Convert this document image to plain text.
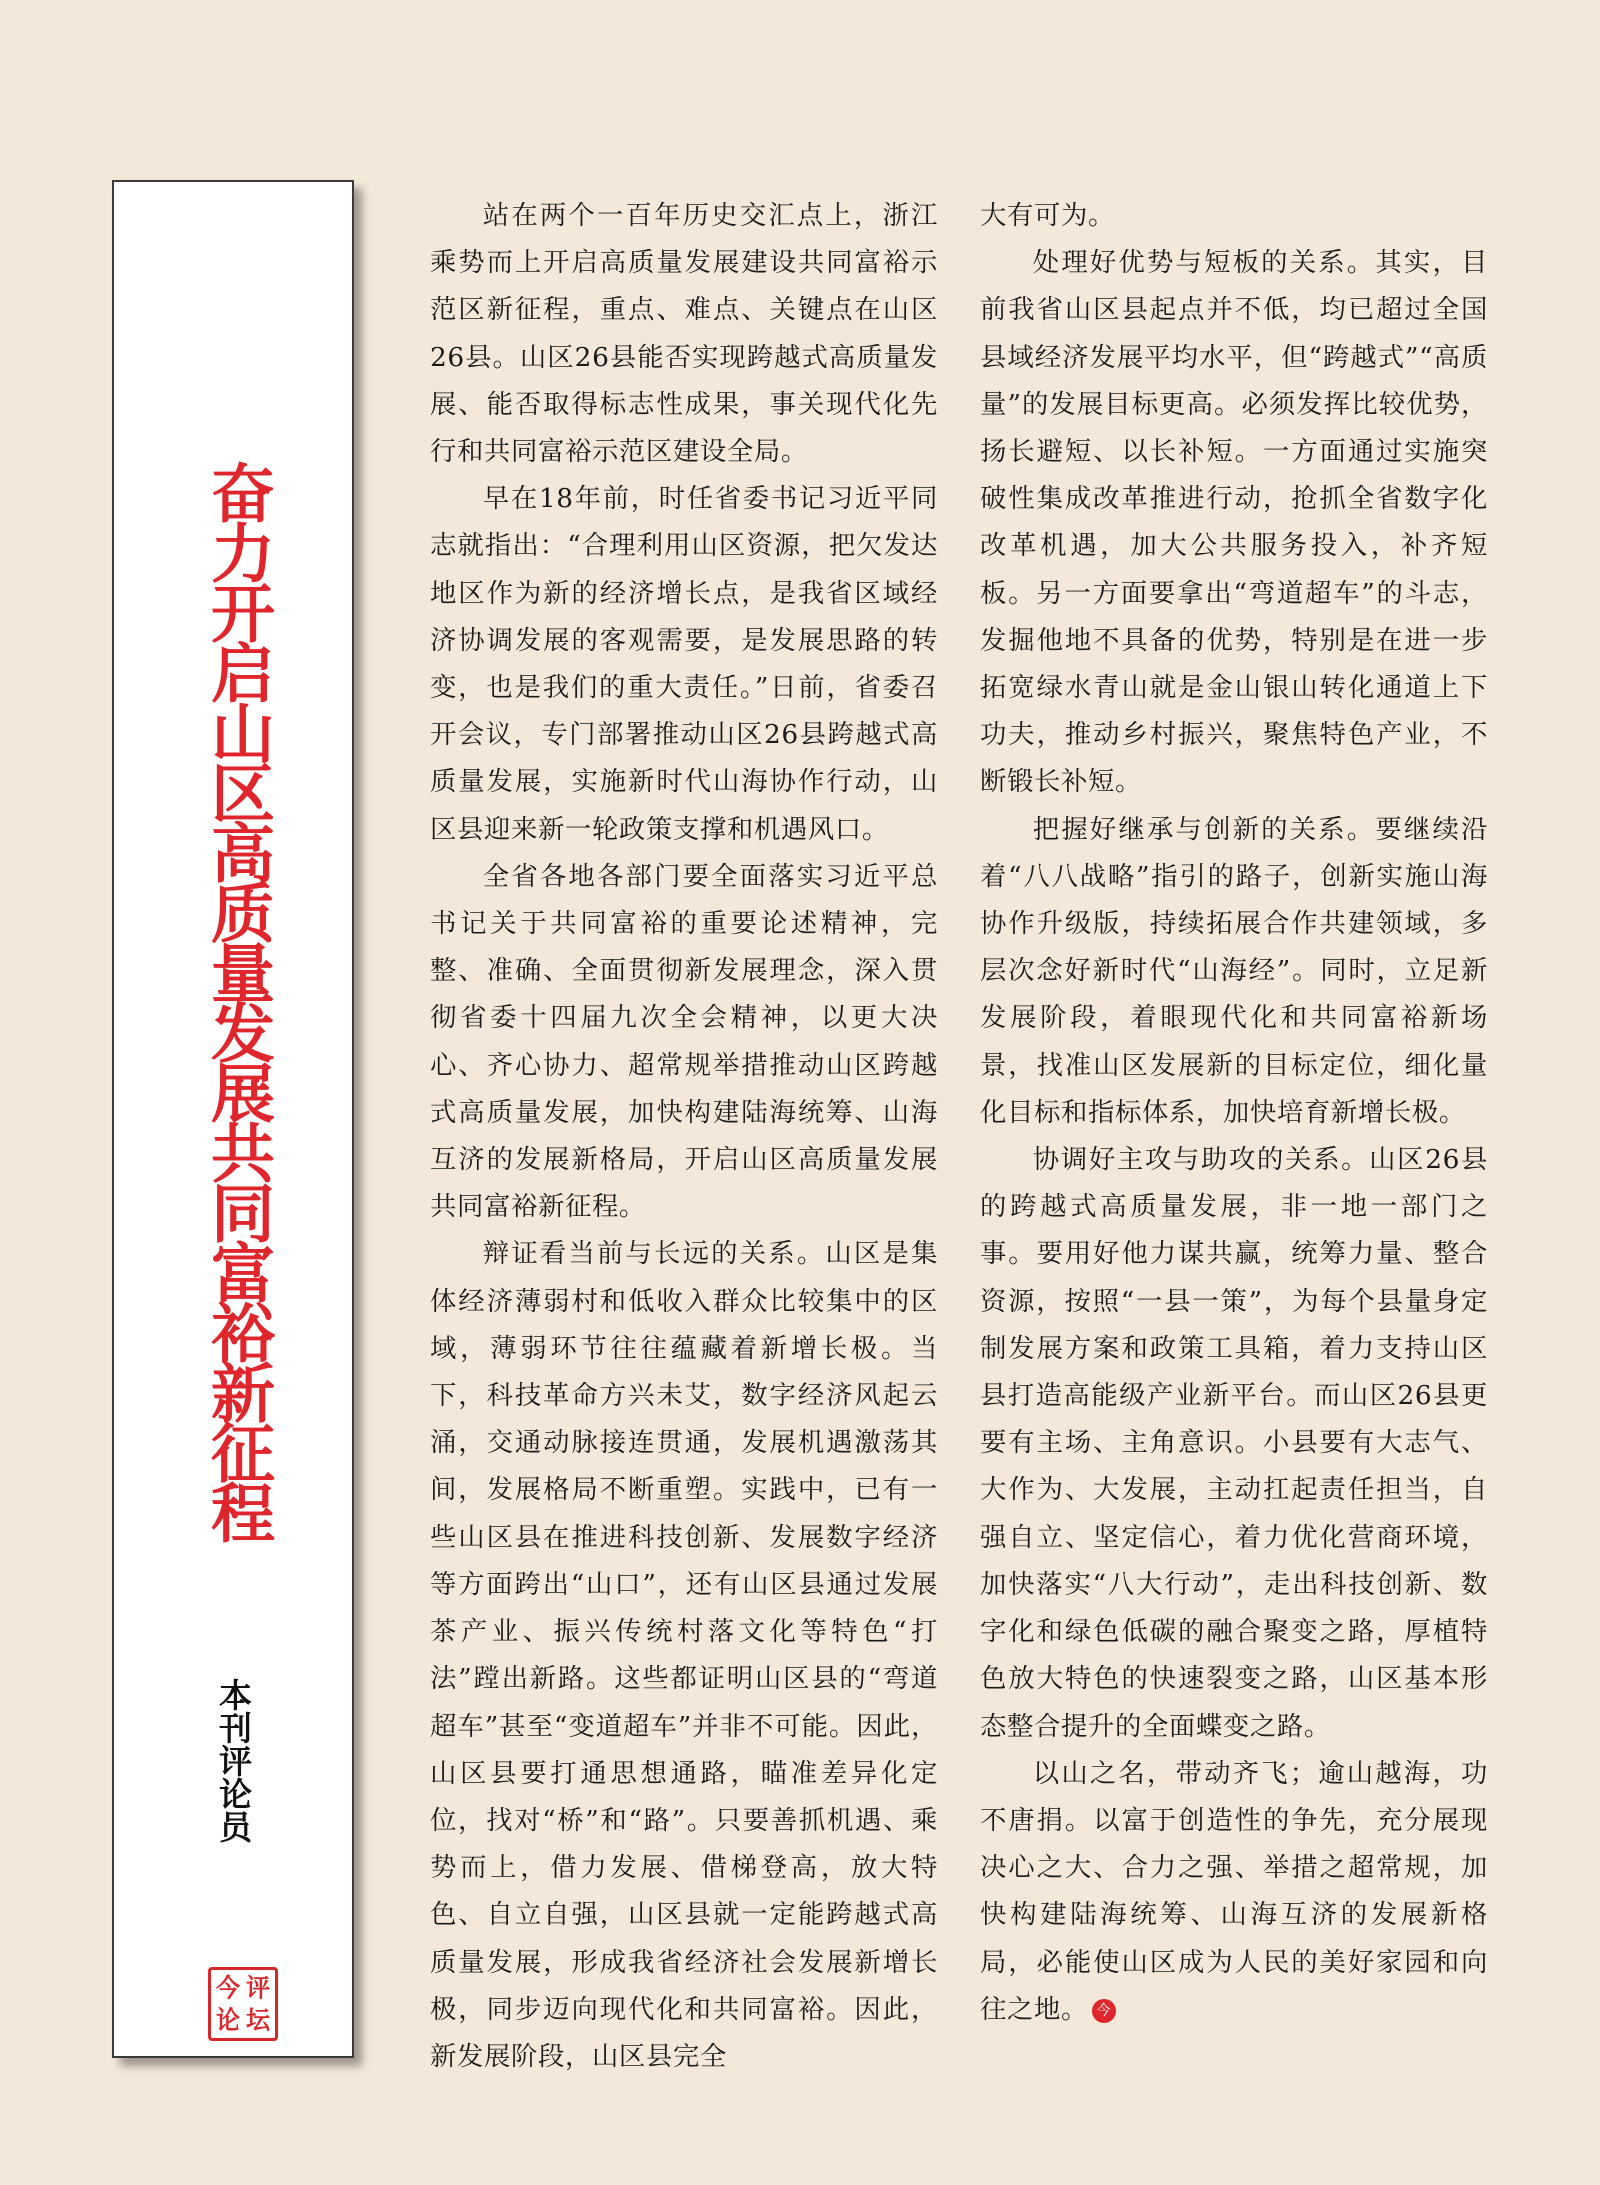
奋力开启山区高质量发展共同富裕新征程
本刊评论员
今 评
论 坛

站在两个一百年历史交汇点上，浙江乘势而上开启高质量发展建设共同富裕示范区新征程，重点、难点、关键点在山区26县。山区26县能否实现跨越式高质量发展、能否取得标志性成果，事关现代化先行和共同富裕示范区建设全局。

早在18年前，时任省委书记习近平同志就指出：“合理利用山区资源，把欠发达地区作为新的经济增长点，是我省区域经济协调发展的客观需要，是发展思路的转变，也是我们的重大责任。”日前，省委召开会议，专门部署推动山区26县跨越式高质量发展，实施新时代山海协作行动，山区县迎来新一轮政策支撑和机遇风口。

全省各地各部门要全面落实习近平总书记关于共同富裕的重要论述精神，完整、准确、全面贯彻新发展理念，深入贯彻省委十四届九次全会精神，以更大决心、齐心协力、超常规举措推动山区跨越式高质量发展，加快构建陆海统筹、山海互济的发展新格局，开启山区高质量发展共同富裕新征程。

辩证看当前与长远的关系。山区是集体经济薄弱村和低收入群众比较集中的区域，薄弱环节往往蕴藏着新增长极。当下，科技革命方兴未艾，数字经济风起云涌，交通动脉接连贯通，发展机遇激荡其间，发展格局不断重塑。实践中，已有一些山区县在推进科技创新、发展数字经济等方面跨出“山口”，还有山区县通过发展茶产业、振兴传统村落文化等特色“打法”蹚出新路。这些都证明山区县的“弯道超车”甚至“变道超车”并非不可能。因此，山区县要打通思想通路，瞄准差异化定位，找对“桥”和“路”。只要善抓机遇、乘势而上，借力发展、借梯登高，放大特色、自立自强，山区县就一定能跨越式高质量发展，形成我省经济社会发展新增长极，同步迈向现代化和共同富裕。因此，新发展阶段，山区县完全

大有可为。

处理好优势与短板的关系。其实，目前我省山区县起点并不低，均已超过全国县域经济发展平均水平，但“跨越式”“高质量”的发展目标更高。必须发挥比较优势，扬长避短、以长补短。一方面通过实施突破性集成改革推进行动，抢抓全省数字化改革机遇，加大公共服务投入，补齐短板。另一方面要拿出“弯道超车”的斗志，发掘他地不具备的优势，特别是在进一步拓宽绿水青山就是金山银山转化通道上下功夫，推动乡村振兴，聚焦特色产业，不断锻长补短。

把握好继承与创新的关系。要继续沿着“八八战略”指引的路子，创新实施山海协作升级版，持续拓展合作共建领域，多层次念好新时代“山海经”。同时，立足新发展阶段，着眼现代化和共同富裕新场景，找准山区发展新的目标定位，细化量化目标和指标体系，加快培育新增长极。

协调好主攻与助攻的关系。山区26县的跨越式高质量发展，非一地一部门之事。要用好他力谋共赢，统筹力量、整合资源，按照“一县一策”，为每个县量身定制发展方案和政策工具箱，着力支持山区县打造高能级产业新平台。而山区26县更要有主场、主角意识。小县要有大志气、大作为、大发展，主动扛起责任担当，自强自立、坚定信心，着力优化营商环境，加快落实“八大行动”，走出科技创新、数字化和绿色低碳的融合聚变之路，厚植特色放大特色的快速裂变之路，山区基本形态整合提升的全面蝶变之路。

以山之名，带动齐飞；逾山越海，功不唐捐。以富于创造性的争先，充分展现决心之大、合力之强、举措之超常规，加快构建陆海统筹、山海互济的发展新格局，必能使山区成为人民的美好家园和向往之地。 今
